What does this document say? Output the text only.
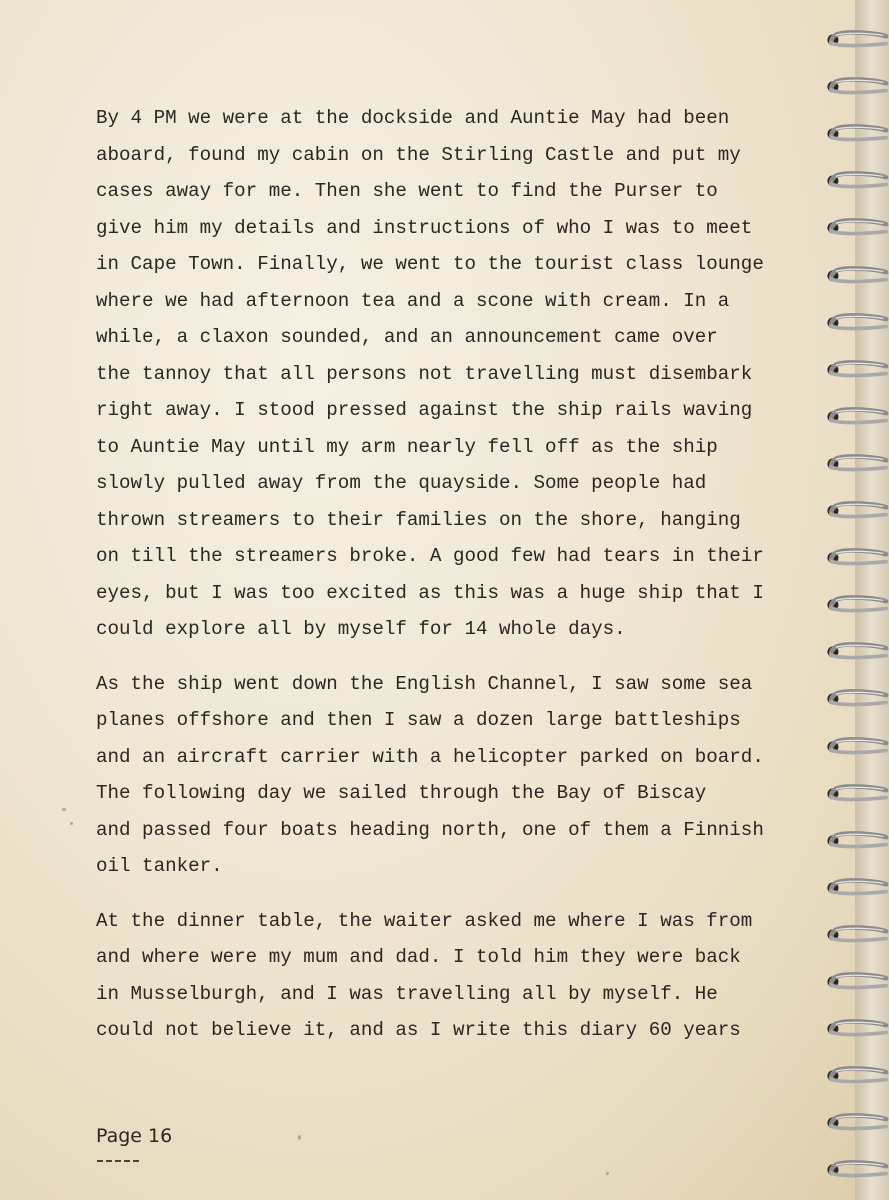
By 4 PM we were at the dockside and Auntie May had been
aboard, found my cabin on the Stirling Castle and put my
cases away for me. Then she went to find the Purser to
give him my details and instructions of who I was to meet
in Cape Town. Finally, we went to the tourist class lounge
where we had afternoon tea and a scone with cream. In a
while, a claxon sounded, and an announcement came over
the tannoy that all persons not travelling must disembark
right away. I stood pressed against the ship rails waving
to Auntie May until my arm nearly fell off as the ship
slowly pulled away from the quayside. Some people had
thrown streamers to their families on the shore, hanging
on till the streamers broke. A good few had tears in their
eyes, but I was too excited as this was a huge ship that I
could explore all by myself for 14 whole days.

As the ship went down the English Channel, I saw some sea
planes offshore and then I saw a dozen large battleships
and an aircraft carrier with a helicopter parked on board.
The following day we sailed through the Bay of Biscay
and passed four boats heading north, one of them a Finnish
oil tanker.

At the dinner table, the waiter asked me where I was from
and where were my mum and dad. I told him they were back
in Musselburgh, and I was travelling all by myself. He
could not believe it, and as I write this diary 60 years

Page 16
